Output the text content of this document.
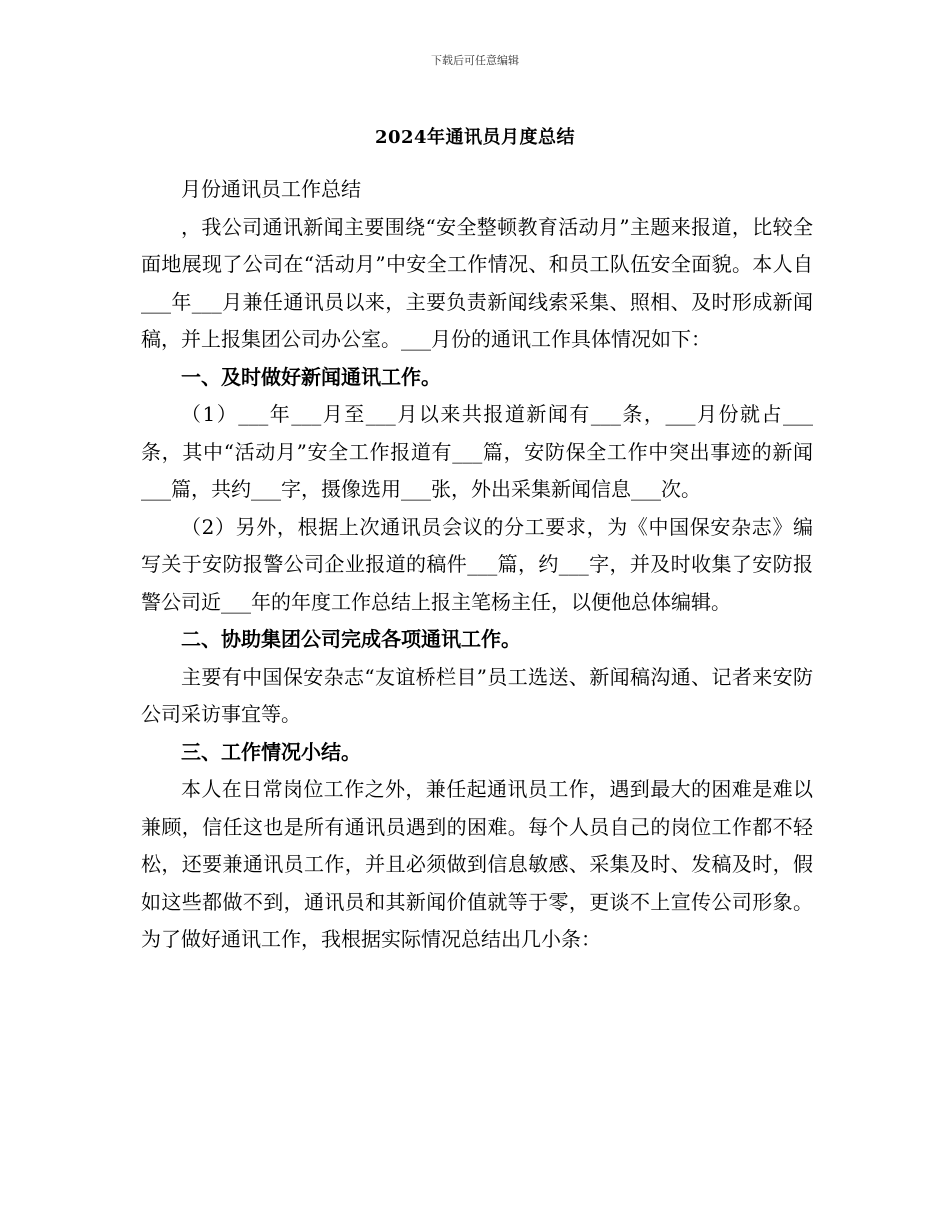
下载后可任意编辑
2024年通讯员月度总结

月份通讯员工作总结

，我公司通讯新闻主要围绕“安全整顿教育活动月”主题来报道，比较全面地展现了公司在“活动月”中安全工作情况、和员工队伍安全面貌。本人自___年___月兼任通讯员以来，主要负责新闻线索采集、照相、及时形成新闻稿，并上报集团公司办公室。___月份的通讯工作具体情况如下：

一、及时做好新闻通讯工作。

（1）___年___月至___月以来共报道新闻有___条，___月份就占___条，其中“活动月”安全工作报道有___篇，安防保全工作中突出事迹的新闻___篇，共约___字，摄像选用___张，外出采集新闻信息___次。

（2）另外，根据上次通讯员会议的分工要求，为《中国保安杂志》编写关于安防报警公司企业报道的稿件___篇，约___字，并及时收集了安防报警公司近___年的年度工作总结上报主笔杨主任，以便他总体编辑。

二、协助集团公司完成各项通讯工作。

主要有中国保安杂志“友谊桥栏目”员工选送、新闻稿沟通、记者来安防公司采访事宜等。

三、工作情况小结。

本人在日常岗位工作之外，兼任起通讯员工作，遇到最大的困难是难以兼顾，信任这也是所有通讯员遇到的困难。每个人员自己的岗位工作都不轻松，还要兼通讯员工作，并且必须做到信息敏感、采集及时、发稿及时，假如这些都做不到，通讯员和其新闻价值就等于零，更谈不上宣传公司形象。为了做好通讯工作，我根据实际情况总结出几小条：
